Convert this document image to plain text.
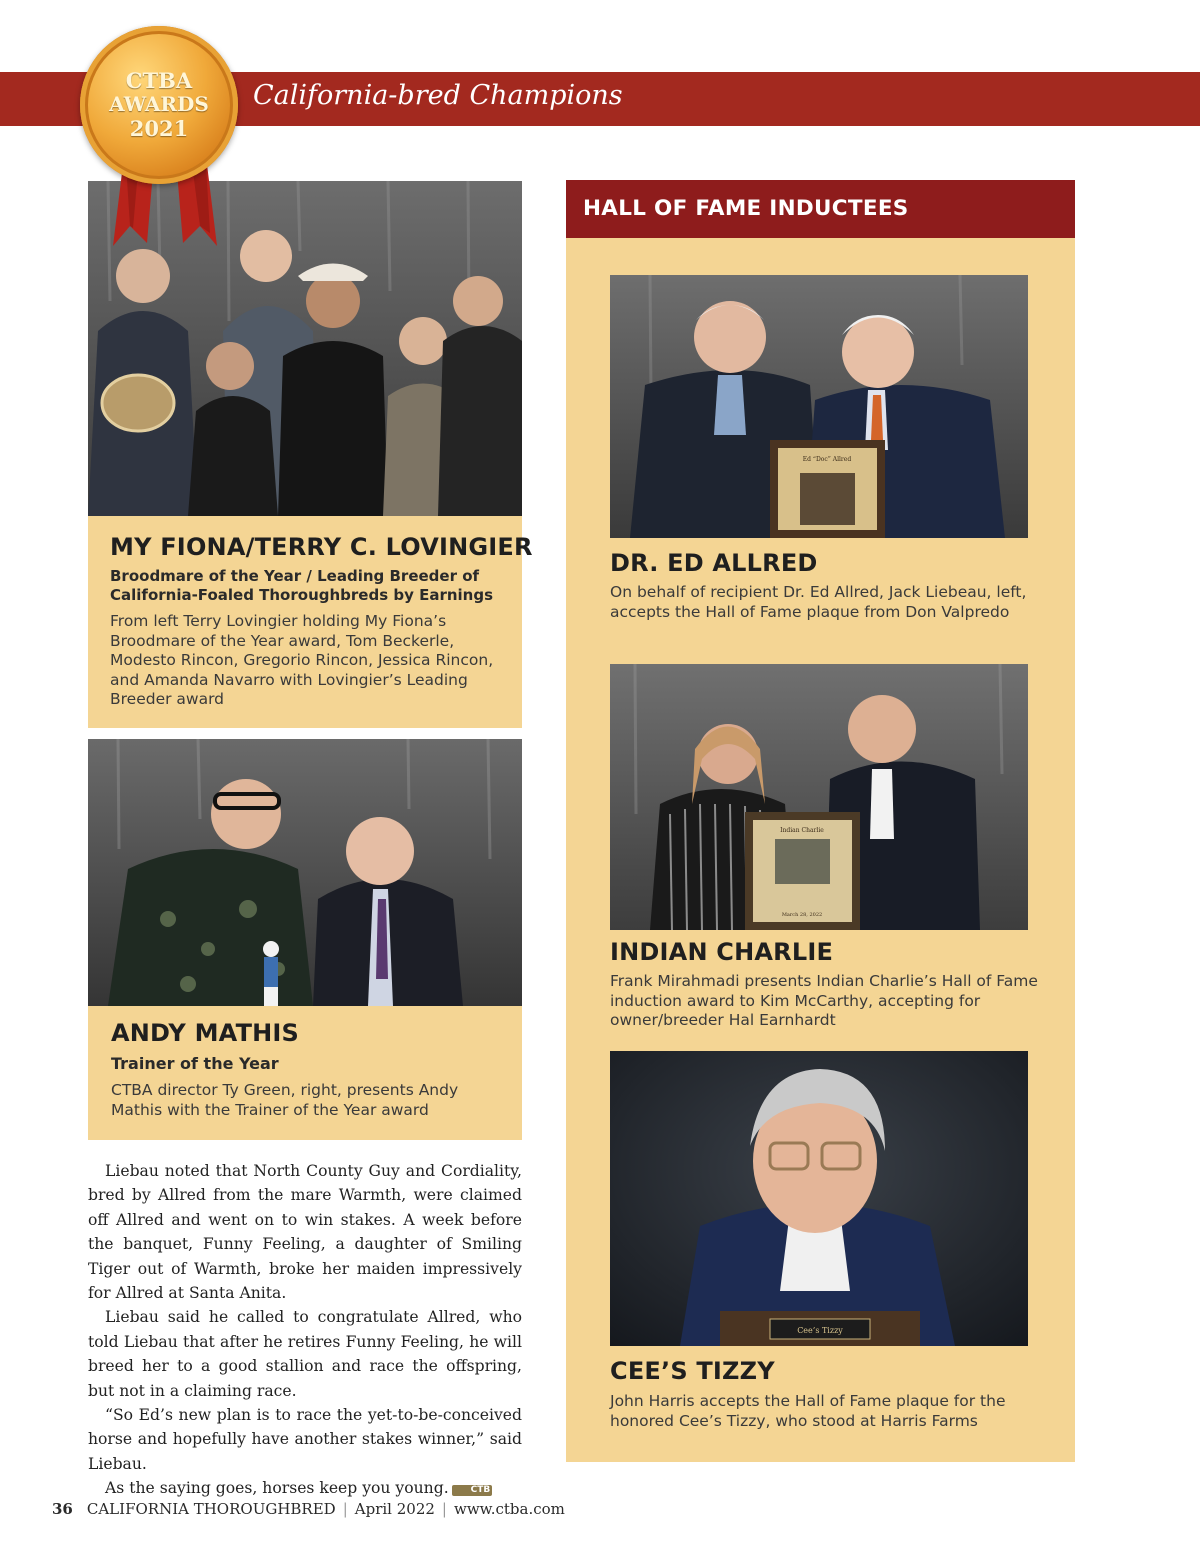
California-bred Champions
MY FIONA/TERRY C. LOVINGIER
Broodmare of the Year / Leading Breeder of California-Foaled Thoroughbreds by Earnings
From left Terry Lovingier holding My Fiona’s Broodmare of the Year award, Tom Beckerle, Modesto Rincon, Gregorio Rincon, Jessica Rincon, and Amanda Navarro with Lovingier’s Leading Breeder award
ANDY MATHIS
Trainer of the Year
CTBA director Ty Green, right, presents Andy Mathis with the Trainer of the Year award

Liebau noted that North County Guy and Cordiality, bred by Allred from the mare Warmth, were claimed off Allred and went on to win stakes. A week before the banquet, Funny Feeling, a daughter of Smiling Tiger out of Warmth, broke her maiden impressively for Allred at Santa Anita.

Liebau said he called to congratulate Allred, who told Liebau that after he retires Funny Feeling, he will breed her to a good stallion and race the offspring, but not in a claiming race.

“So Ed’s new plan is to race the yet-to-be-conceived horse and hopefully have another stakes winner,” said Liebau.

As the saying goes, horses keep you young. CTB

HALL OF FAME INDUCTEES
Ed “Doc” Allred
DR. ED ALLRED
On behalf of recipient Dr. Ed Allred, Jack Liebeau, left, accepts the Hall of Fame plaque from Don Valpredo
Indian Charlie
March 28, 2022
INDIAN CHARLIE
Frank Mirahmadi presents Indian Charlie’s Hall of Fame induction award to Kim McCarthy, accepting for owner/breeder Hal Earnhardt
Cee’s Tizzy
CEE’S TIZZY
John Harris accepts the Hall of Fame plaque for the honored Cee’s Tizzy, who stood at Harris Farms
CTBA
AWARDS
2021
36 CALIFORNIA THOROUGHBRED | April 2022 | www.ctba.com
